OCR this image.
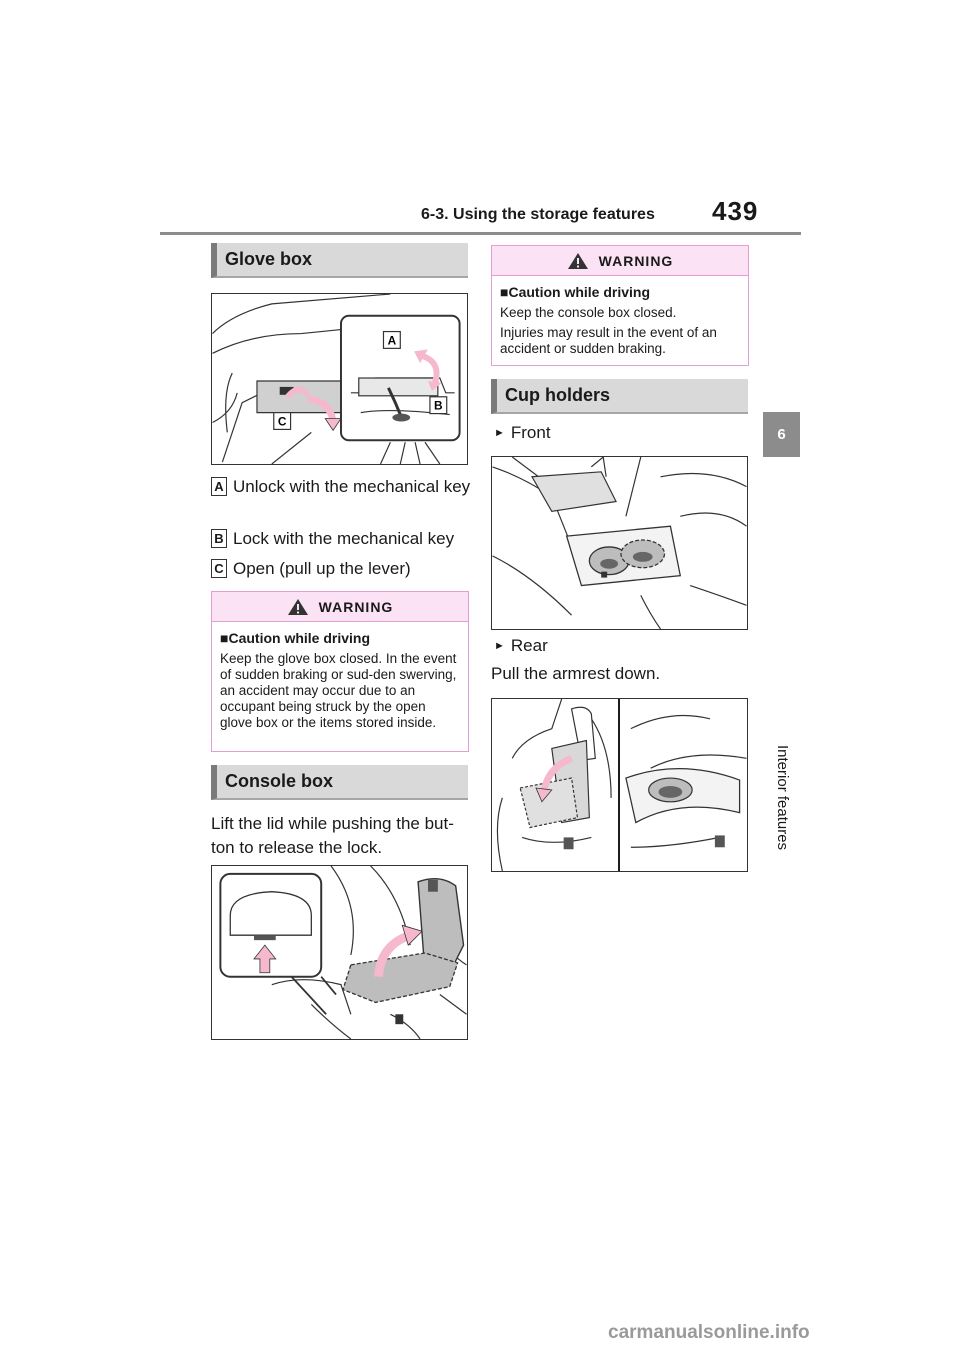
6-3. Using the storage features 439
6
Interior features
Glove box
A
B
C
A Unlock with the mechanical key
B Lock with the mechanical key
C Open (pull up the lever)
WARNING
■Caution while driving
Keep the glove box closed. In the event of sudden braking or sud-den swerving, an accident may occur due to an occupant being struck by the open glove box or the items stored inside.
Console box
Lift the lid while pushing the but-ton to release the lock.
WARNING
■Caution while driving
Keep the console box closed.
Injuries may result in the event of an accident or sudden braking.
Cup holders
► Front
► Rear
Pull the armrest down.
carmanualsonline.info
